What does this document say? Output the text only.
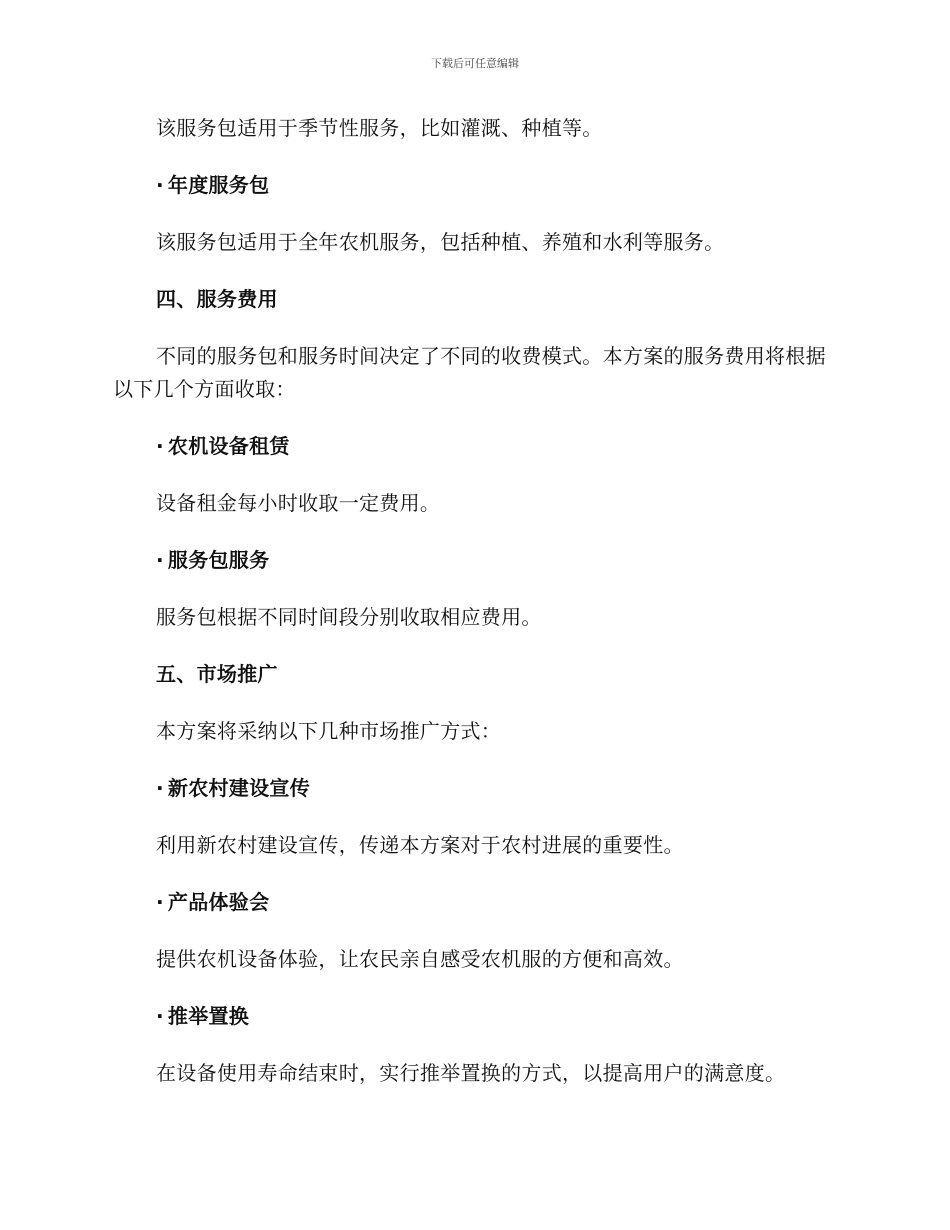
下载后可任意编辑

该服务包适用于季节性服务，比如灌溉、种植等。

· 年度服务包

该服务包适用于全年农机服务，包括种植、养殖和水利等服务。

四、服务费用

不同的服务包和服务时间决定了不同的收费模式。本方案的服务费用将根据以下几个方面收取：

· 农机设备租赁

设备租金每小时收取一定费用。

· 服务包服务

服务包根据不同时间段分别收取相应费用。

五、市场推广

本方案将采纳以下几种市场推广方式：

· 新农村建设宣传

利用新农村建设宣传，传递本方案对于农村进展的重要性。

· 产品体验会

提供农机设备体验，让农民亲自感受农机服的方便和高效。

· 推举置换

在设备使用寿命结束时，实行推举置换的方式，以提高用户的满意度。
